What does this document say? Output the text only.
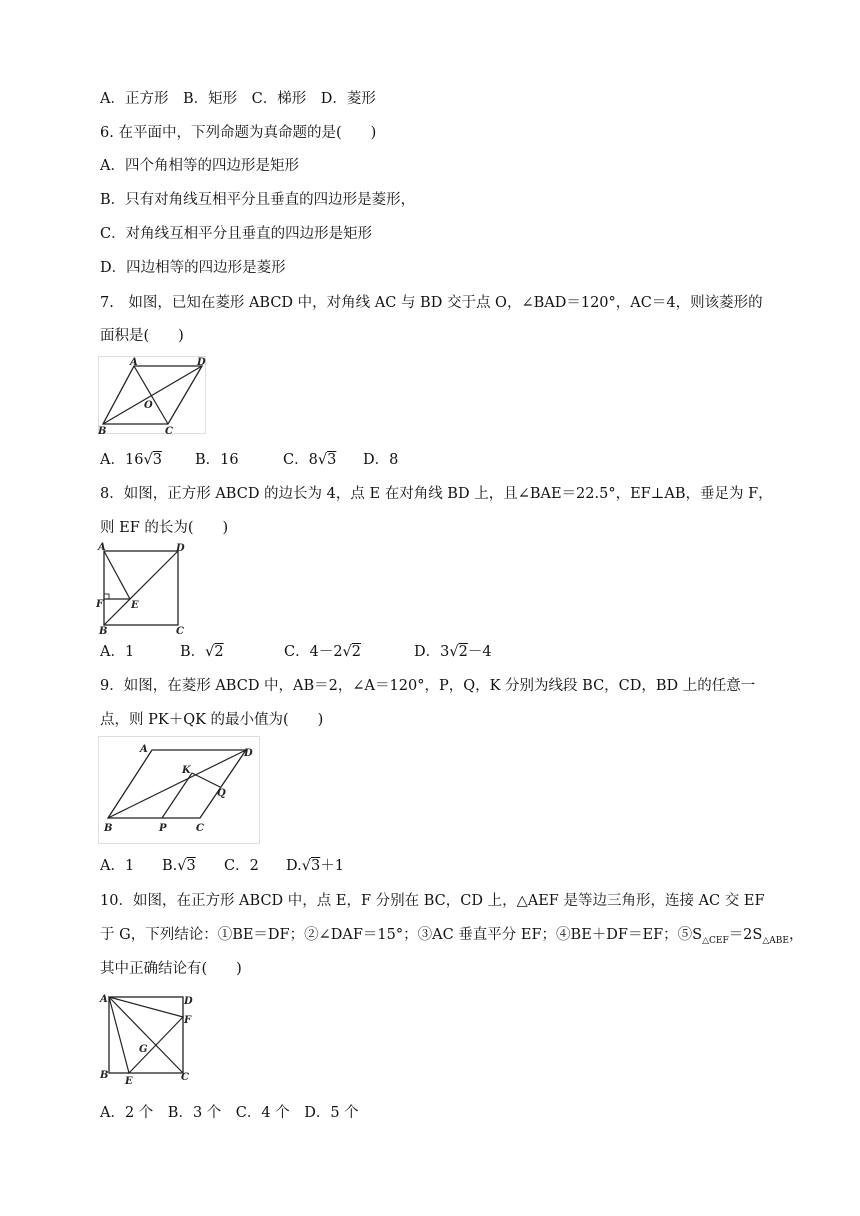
A．正方形　B．矩形　C．梯形　D．菱形
6. 在平面中，下列命题为真命题的是(　　)
A．四个角相等的四边形是矩形
B．只有对角线互相平分且垂直的四边形是菱形，
C．对角线互相平分且垂直的四边形是矩形
D．四边相等的四边形是菱形
7.　如图，已知在菱形 ABCD 中，对角线 AC 与 BD 交于点 O，∠BAD＝120°，AC＝4，则该菱形的
面积是(　　)
A	D
B	C
O
A．16√3 B．16	C．8√3 D．8
8．如图，正方形 ABCD 的边长为 4，点 E 在对角线 BD 上，且∠BAE＝22.5°，EF⊥AB，垂足为 F，
则 EF 的长为(　　)
A	D
F	E
B	C
A．1	B．√2	C．4－2√2	D．3√2－4
9．如图，在菱形 ABCD 中，AB＝2，∠A＝120°，P，Q，K 分别为线段 BC，CD，BD 上的任意一
点，则 PK＋QK 的最小值为(　　)
A	D
K
Q
B	P	C
A．1 B.√3 C．2 D.√3＋1
10．如图，在正方形 ABCD 中，点 E，F 分别在 BC，CD 上，△AEF 是等边三角形，连接 AC 交 EF
于 G，下列结论：①BE＝DF；②∠DAF＝15°；③AC 垂直平分 EF；④BE＋DF＝EF；$⑤S_{\triangle CEF}=2S_{\triangle ABE}$，
其中正确结论有(　　)
A	D
F
G
B
E	C
A．2 个　B．3 个　C．4 个　D．5 个
